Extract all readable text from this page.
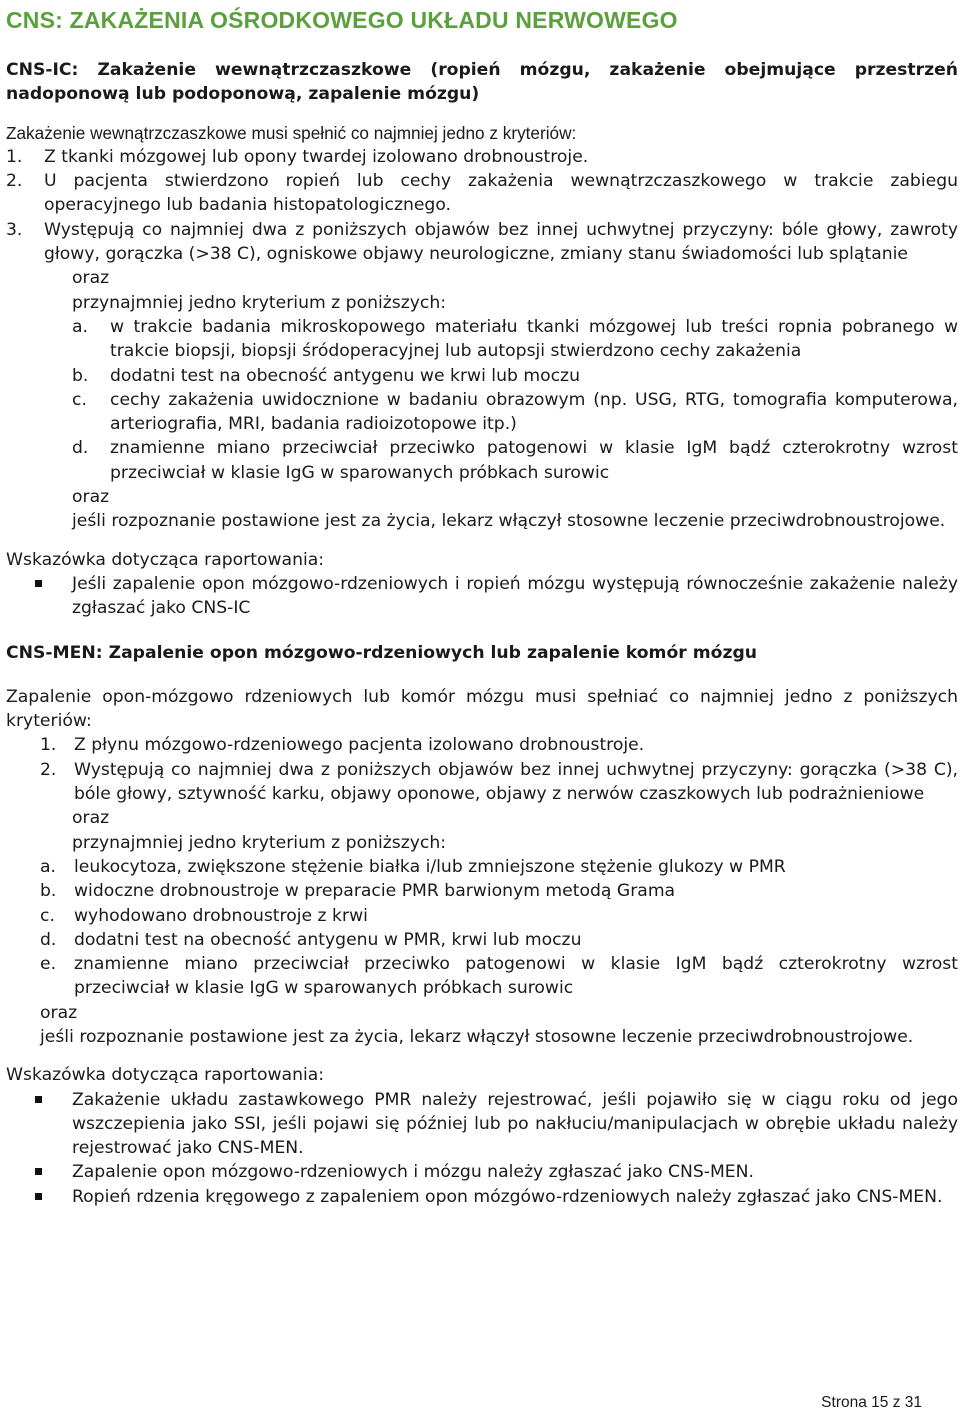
CNS: ZAKAŻENIA OŚRODKOWEGO UKŁADU NERWOWEGO

CNS-IC: Zakażenie wewnątrzczaszkowe (ropień mózgu, zakażenie obejmujące przestrzeń nadoponową lub podoponową, zapalenie mózgu)

Zakażenie wewnątrzczaszkowe musi spełnić co najmniej jedno z kryteriów:

1.	Z tkanki mózgowej lub opony twardej izolowano drobnoustroje.
2.	U pacjenta stwierdzono ropień lub cechy zakażenia wewnątrzczaszkowego w trakcie zabiegu operacyjnego lub badania histopatologicznego.
3.	Występują co najmniej dwa z poniższych objawów bez innej uchwytnej przyczyny: bóle głowy, zawroty głowy, gorączka (>38 C), ogniskowe objawy neurologiczne, zmiany stanu świadomości lub splątanie

oraz

przynajmniej jedno kryterium z poniższych:

a.	w trakcie badania mikroskopowego materiału tkanki mózgowej lub treści ropnia pobranego w trakcie biopsji, biopsji śródoperacyjnej lub autopsji stwierdzono cechy zakażenia
b.	dodatni test na obecność antygenu we krwi lub moczu
c.	cechy zakażenia uwidocznione w badaniu obrazowym (np. USG, RTG, tomografia komputerowa, arteriografia, MRI, badania radioizotopowe itp.)
d.	znamienne miano przeciwciał przeciwko patogenowi w klasie IgM bądź czterokrotny wzrost przeciwciał w klasie IgG w sparowanych próbkach surowic

oraz

jeśli rozpoznanie postawione jest za życia, lekarz włączył stosowne leczenie przeciwdrobnoustrojowe.

Wskazówka dotycząca raportowania:

Jeśli zapalenie opon mózgowo-rdzeniowych i ropień mózgu występują równocześnie zakażenie należy zgłaszać jako CNS-IC

CNS-MEN: Zapalenie opon mózgowo-rdzeniowych lub zapalenie komór mózgu

Zapalenie opon-mózgowo rdzeniowych lub komór mózgu musi spełniać co najmniej jedno z poniższych kryteriów:

1.	Z płynu mózgowo-rdzeniowego pacjenta izolowano drobnoustroje.
2.	Występują co najmniej dwa z poniższych objawów bez innej uchwytnej przyczyny: gorączka (>38 C), bóle głowy, sztywność karku, objawy oponowe, objawy z nerwów czaszkowych lub podrażnieniowe

oraz

przynajmniej jedno kryterium z poniższych:

a.	leukocytoza, zwiększone stężenie białka i/lub zmniejszone stężenie glukozy w PMR
b.	widoczne drobnoustroje w preparacie PMR barwionym metodą Grama
c.	wyhodowano drobnoustroje z krwi
d.	dodatni test na obecność antygenu w PMR, krwi lub moczu
e.	znamienne miano przeciwciał przeciwko patogenowi w klasie IgM bądź czterokrotny wzrost przeciwciał w klasie IgG w sparowanych próbkach surowic

oraz

jeśli rozpoznanie postawione jest za życia, lekarz włączył stosowne leczenie przeciwdrobnoustrojowe.

Wskazówka dotycząca raportowania:

Zakażenie układu zastawkowego PMR należy rejestrować, jeśli pojawiło się w ciągu roku od jego wszczepienia jako SSI, jeśli pojawi się później lub po nakłuciu/manipulacjach w obrębie układu należy rejestrować jako CNS-MEN.
Zapalenie opon mózgowo-rdzeniowych i mózgu należy zgłaszać jako CNS-MEN.
Ropień rdzenia kręgowego z zapaleniem opon mózgówo-rdzeniowych należy zgłaszać jako CNS-MEN.
Strona 15 z 31
